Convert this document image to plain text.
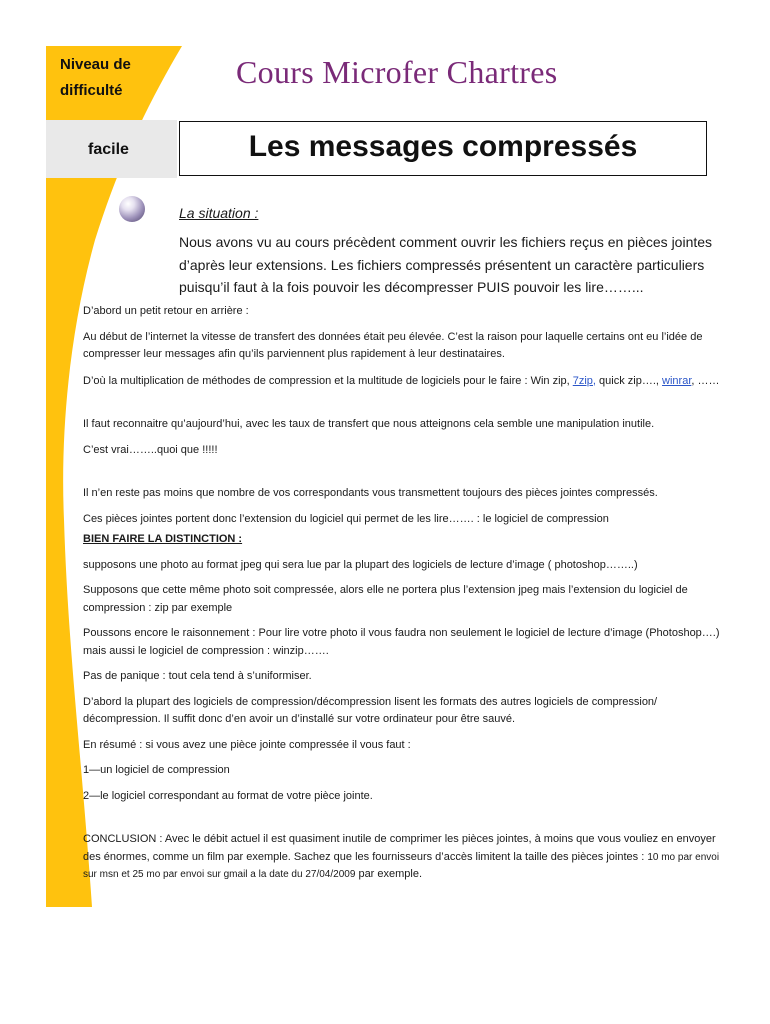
Niveau de difficulté
facile
Cours Microfer Chartres
Les messages compressés
La situation :
Nous avons vu au cours précèdent comment ouvrir les fichiers reçus en pièces jointes d’après leur extensions. Les fichiers compressés présentent un caractère particuliers puisqu’il faut à la fois pouvoir les décompresser PUIS pouvoir les lire……...

D’abord un petit retour en arrière :

Au début de l’internet la vitesse de transfert des données était peu élevée. C’est la raison pour laquelle certains ont eu l’idée de compresser leur messages afin qu’ils parviennent plus rapidement à leur destinataires.

D’où la multiplication de méthodes de compression et la multitude de logiciels pour le faire : Win zip, 7zip, quick zip…., winrar, ……

Il faut reconnaitre qu’aujourd’hui, avec les taux de transfert que nous atteignons cela semble une manipulation inutile.

C’est vrai……..quoi que !!!!!

Il n’en reste pas moins que nombre de vos correspondants vous transmettent toujours des pièces jointes compressés.

Ces pièces jointes portent donc l’extension du logiciel qui permet de les lire……. : le logiciel de compression

BIEN FAIRE LA DISTINCTION :

supposons une photo au format jpeg qui sera lue par la plupart des logiciels de lecture d’image ( photoshop……..)

Supposons que cette même photo soit compressée, alors elle ne portera plus l’extension jpeg mais l’extension du logiciel de compression : zip par exemple

Poussons encore le raisonnement : Pour lire votre photo il vous faudra non seulement le logiciel de lecture d’image (Photoshop….) mais aussi le logiciel de compression : winzip…….

Pas de panique : tout cela tend à s’uniformiser.

D’abord la plupart des logiciels de compression/décompression lisent les formats des autres logiciels de compression/ décompression. Il suffit donc d’en avoir un d’installé sur votre ordinateur pour être sauvé.

En résumé : si vous avez une pièce jointe compressée il vous faut :

1—un logiciel de compression

2—le logiciel correspondant au format de votre pièce jointe.

CONCLUSION : Avec le débit actuel il est quasiment inutile de comprimer les pièces jointes, à moins que vous vouliez en envoyer des énormes, comme un film par exemple. Sachez que les fournisseurs d’accès limitent la taille des pièces jointes : 10 mo par envoi sur msn et 25 mo par envoi sur gmail a la date du 27/04/2009 par exemple.
